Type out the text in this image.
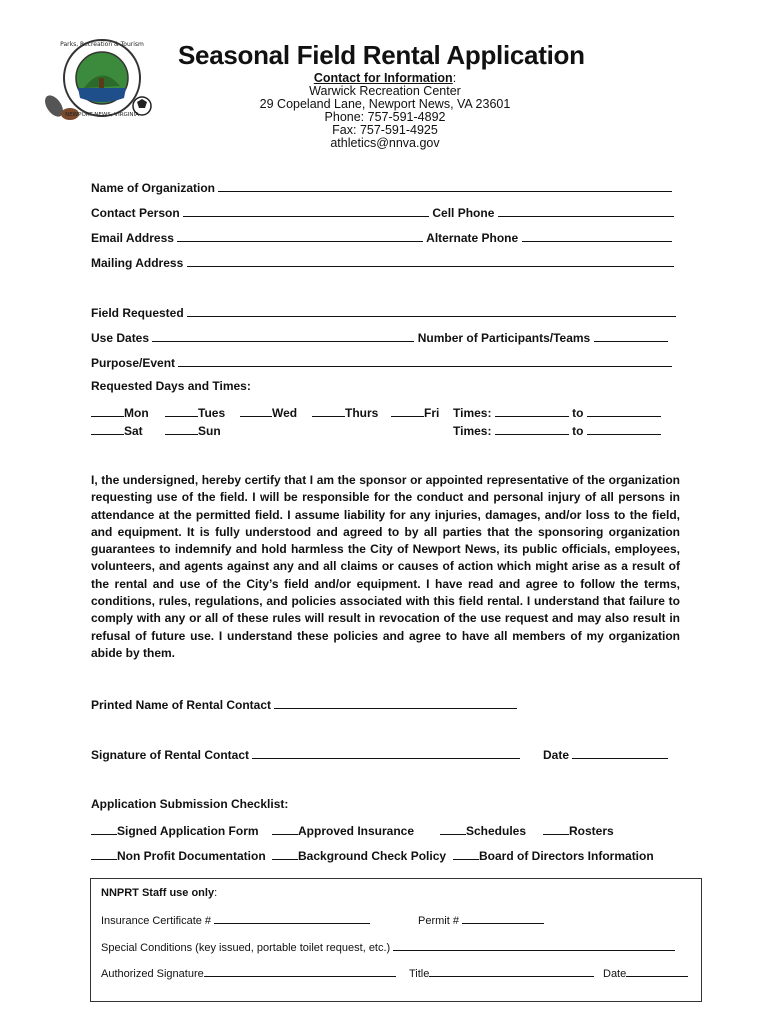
Parks, Recreation & Tourism
NEWPORT NEWS, VIRGINIA
Seasonal Field Rental Application
Contact for Information:
Warwick Recreation Center
29 Copeland Lane, Newport News, VA 23601
Phone: 757-591-4892
Fax: 757-591-4925
athletics@nnva.gov
Name of Organization
Contact Person	Cell Phone
Email Address	Alternate Phone
Mailing Address
Field Requested
Use Dates	Number of Participants/Teams
Purpose/Event
Requested Days and Times:
Mon	Tues	Wed	Thurs	Fri Times:	to
Sat	Sun	Times:	to
I, the undersigned, hereby certify that I am the sponsor or appointed representative of the organization requesting use of the field. I will be responsible for the conduct and personal injury of all persons in attendance at the permitted field. I assume liability for any injuries, damages, and/or loss to the field, and equipment. It is fully understood and agreed to by all parties that the sponsoring organization guarantees to indemnify and hold harmless the City of Newport News, its public officials, employees, volunteers, and agents against any and all claims or causes of action which might arise as a result of the rental and use of the City’s field and/or equipment. I have read and agree to follow the terms, conditions, rules, regulations, and policies associated with this field rental. I understand that failure to comply with any or all of these rules will result in revocation of the use request and may also result in refusal of future use. I understand these policies and agree to have all members of my organization abide by them.
Printed Name of Rental Contact
Signature of Rental Contact	Date
Application Submission Checklist:
Signed Application Form	Approved Insurance	Schedules	Rosters
Non Profit Documentation	Background Check Policy	Board of Directors Information
NNPRT Staff use only:
Insurance Certificate #	Permit #
Special Conditions (key issued, portable toilet request, etc.)
Authorized Signature	Title	Date
